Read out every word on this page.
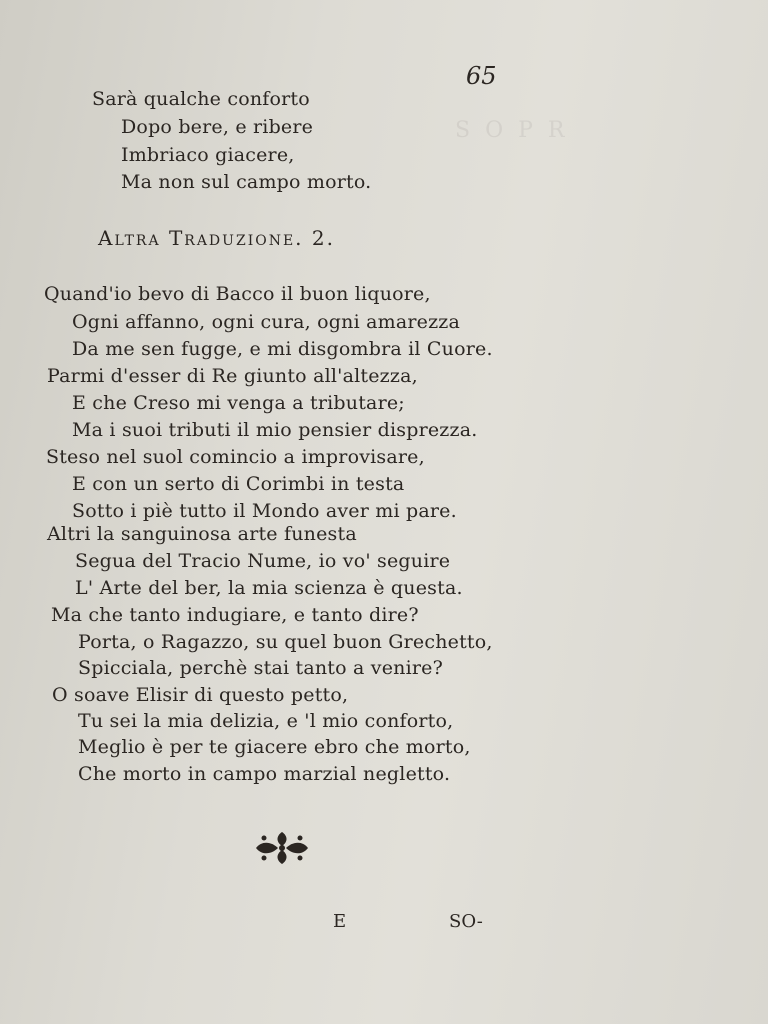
S O P R
65
Sarà qualche conforto
Dopo bere, e ribere
Imbriaco giacere,
Ma non sul campo morto.
Altra Traduzione. 2.
Quand'io bevo di Bacco il buon liquore,
Ogni affanno, ogni cura, ogni amarezza
Da me sen fugge, e mi disgombra il Cuore.
Parmi d'esser di Re giunto all'altezza,
E che Creso mi venga a tributare;
Ma i suoi tributi il mio pensier disprezza.
Steso nel suol comincio a improvisare,
E con un serto di Corimbi in testa
Sotto i piè tutto il Mondo aver mi pare.
Altri la sanguinosa arte funesta
Segua del Tracio Nume, io vo' seguire
L' Arte del ber, la mia scienza è questa.
Ma che tanto indugiare, e tanto dire?
Porta, o Ragazzo, su quel buon Grechetto,
Spicciala, perchè stai tanto a venire?
O soave Elisir di questo petto,
Tu sei la mia delizia, e 'l mio conforto,
Meglio è per te giacere ebro che morto,
Che morto in campo marzial negletto.
E	SO-
